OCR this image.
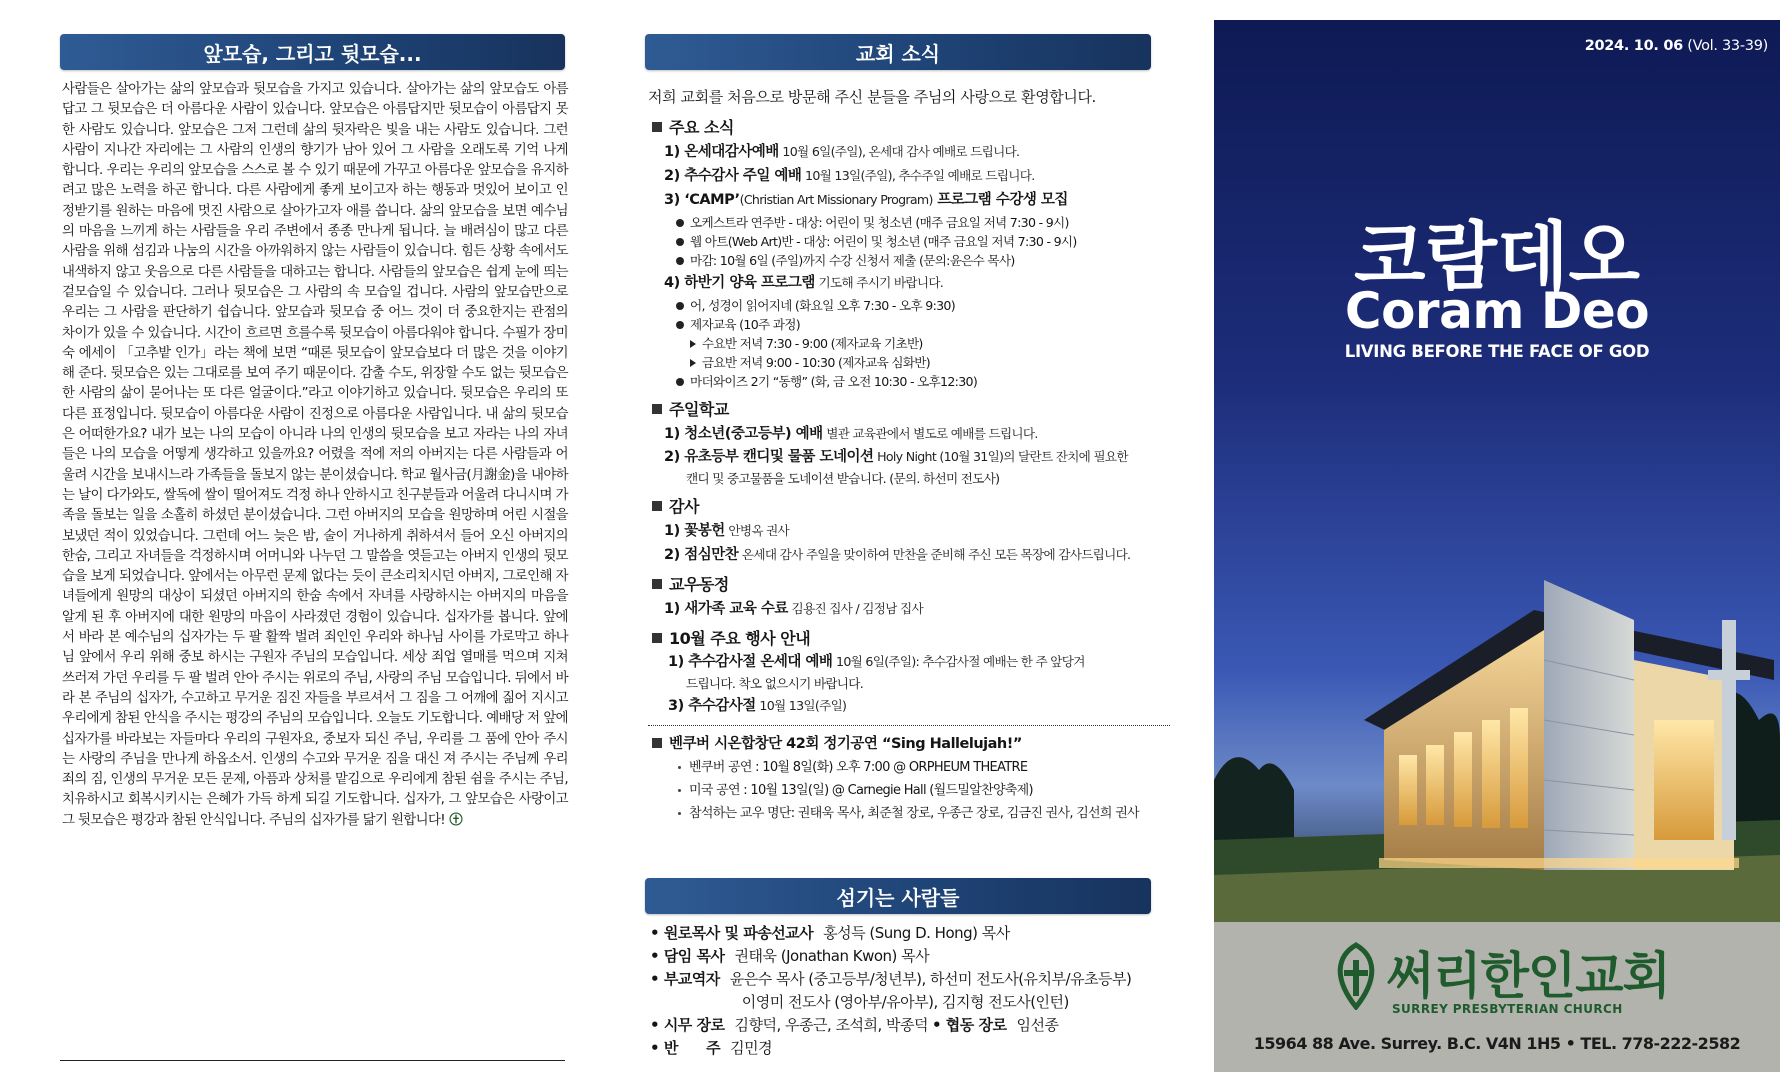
앞모습, 그리고 뒷모습...

사람들은 살아가는 삶의 앞모습과 뒷모습을 가지고 있습니다. 살아가는 삶의 앞모습도 아름답고 그 뒷모습은 더 아름다운 사람이 있습니다. 앞모습은 아름답지만 뒷모습이 아름답지 못한 사람도 있습니다. 앞모습은 그저 그런데 삶의 뒷자락은 빛을 내는 사람도 있습니다. 그런 사람이 지나간 자리에는 그 사람의 인생의 향기가 남아 있어 그 사람을 오래도록 기억 나게 합니다. 우리는 우리의 앞모습을 스스로 볼 수 있기 때문에 가꾸고 아름다운 앞모습을 유지하려고 많은 노력을 하곤 합니다. 다른 사람에게 좋게 보이고자 하는 행동과 멋있어 보이고 인정받기를 원하는 마음에 멋진 사람으로 살아가고자 애를 씁니다. 삶의 앞모습을 보면 예수님의 마음을 느끼게 하는 사람들을 우리 주변에서 종종 만나게 됩니다. 늘 배려심이 많고 다른 사람을 위해 섬김과 나눔의 시간을 아까워하지 않는 사람들이 있습니다. 힘든 상황 속에서도 내색하지 않고 웃음으로 다른 사람들을 대하고는 합니다. 사람들의 앞모습은 쉽게 눈에 띄는 겉모습일 수 있습니다. 그러나 뒷모습은 그 사람의 속 모습일 겁니다. 사람의 앞모습만으로 우리는 그 사람을 판단하기 쉽습니다. 앞모습과 뒷모습 중 어느 것이 더 중요한지는 관점의 차이가 있을 수 있습니다. 시간이 흐르면 흐를수록 뒷모습이 아름다워야 합니다. 수필가 장미숙 에세이 「고추밭 인가」라는 책에 보면 “때론 뒷모습이 앞모습보다 더 많은 것을 이야기 해 준다. 뒷모습은 있는 그대로를 보여 주기 때문이다. 감출 수도, 위장할 수도 없는 뒷모습은 한 사람의 삶이 묻어나는 또 다른 얼굴이다.”라고 이야기하고 있습니다. 뒷모습은 우리의 또다른 표정입니다. 뒷모습이 아름다운 사람이 진정으로 아름다운 사람입니다. 내 삶의 뒷모습은 어떠한가요? 내가 보는 나의 모습이 아니라 나의 인생의 뒷모습을 보고 자라는 나의 자녀들은 나의 모습을 어떻게 생각하고 있을까요? 어렸을 적에 저의 아버지는 다른 사람들과 어울려 시간을 보내시느라 가족들을 돌보지 않는 분이셨습니다. 학교 월사금(月謝金)을 내야하는 날이 다가와도, 쌀독에 쌀이 떨어져도 걱정 하나 안하시고 친구분들과 어울려 다니시며 가족을 돌보는 일을 소홀히 하셨던 분이셨습니다. 그런 아버지의 모습을 원망하며 어린 시절을 보냈던 적이 있었습니다. 그런데 어느 늦은 밤, 술이 거나하게 취하셔서 들어 오신 아버지의 한숨, 그리고 자녀들을 걱정하시며 어머니와 나누던 그 말씀을 엿듣고는 아버지 인생의 뒷모습을 보게 되었습니다. 앞에서는 아무런 문제 없다는 듯이 큰소리치시던 아버지, 그로인해 자녀들에게 원망의 대상이 되셨던 아버지의 한숨 속에서 자녀를 사랑하시는 아버지의 마음을 알게 된 후 아버지에 대한 원망의 마음이 사라졌던 경험이 있습니다. 십자가를 봅니다. 앞에서 바라 본 예수님의 십자가는 두 팔 활짝 벌려 죄인인 우리와 하나님 사이를 가로막고 하나님 앞에서 우리 위해 중보 하시는 구원자 주님의 모습입니다. 세상 죄업 열매를 먹으며 지쳐 쓰러져 가던 우리를 두 팔 벌려 안아 주시는 위로의 주님, 사랑의 주님 모습입니다. 뒤에서 바라 본 주님의 십자가, 수고하고 무거운 짐진 자들을 부르셔서 그 짐을 그 어깨에 짊어 지시고 우리에게 참된 안식을 주시는 평강의 주님의 모습입니다. 오늘도 기도합니다. 예배당 저 앞에 십자가를 바라보는 자들마다 우리의 구원자요, 중보자 되신 주님, 우리를 그 품에 안아 주시는 사랑의 주님을 만나게 하옵소서. 인생의 수고와 무거운 짐을 대신 져 주시는 주님께 우리 죄의 짐, 인생의 무거운 모든 문제, 아픔과 상처를 맡김으로 우리에게 참된 쉼을 주시는 주님, 치유하시고 회복시키시는 은혜가 가득 하게 되길 기도합니다. 십자가, 그 앞모습은 사랑이고 그 뒷모습은 평강과 참된 안식입니다. 주님의 십자가를 닮기 원합니다!

교회 소식
저희 교회를 처음으로 방문해 주신 분들을 주님의 사랑으로 환영합니다.
주요 소식
1) 온세대감사예배 10월 6일(주일), 온세대 감사 예배로 드립니다.
2) 추수감사 주일 예배 10월 13일(주일), 추수주일 예배로 드립니다.
3) ‘CAMP’(Christian Art Missionary Program) 프로그램 수강생 모집
오케스트라 연주반 - 대상: 어린이 및 청소년 (매주 금요일 저녁 7:30 - 9시)
웹 아트(Web Art)반 - 대상: 어린이 및 청소년 (매주 금요일 저녁 7:30 - 9시)
마감: 10월 6일 (주일)까지 수강 신청서 제출 (문의:윤은수 목사)
4) 하반기 양육 프로그램 기도해 주시기 바랍니다.
어, 성경이 읽어지네 (화요일 오후 7:30 - 오후 9:30)
제자교육 (10주 과정)
수요반 저녁 7:30 - 9:00 (제자교육 기초반)
금요반 저녁 9:00 - 10:30 (제자교육 심화반)
마더와이즈 2기 “동행” (화, 금 오전 10:30 - 오후12:30)
주일학교
1) 청소년(중고등부) 예배 별관 교육관에서 별도로 예배를 드립니다.
2) 유초등부 캔디및 물품 도네이션 Holy Night (10월 31일)의 달란트 잔치에 필요한
캔디 및 중고물품을 도네이션 받습니다. (문의. 하선미 전도사)
감사
1) 꽃봉헌 안병옥 권사
2) 점심만찬 온세대 감사 주일을 맞이하여 만찬을 준비해 주신 모든 목장에 감사드립니다.
교우동정
1) 새가족 교육 수료 김용진 집사 / 김정남 집사
10월 주요 행사 안내
1) 추수감사절 온세대 예배 10월 6일(주일): 추수감사절 예배는 한 주 앞당겨
드립니다. 착오 없으시기 바랍니다.
3) 추수감사절 10월 13일(주일)
벤쿠버 시온합창단 42회 정기공연 “Sing Hallelujah!”
벤쿠버 공연 : 10월 8일(화) 오후 7:00 @ ORPHEUM THEATRE
미국 공연 : 10월 13일(일) @ Carnegie Hall (월드밀알찬양축제)
참석하는 교우 명단: 권태욱 목사, 최준철 장로, 우종근 장로, 김금진 권사, 김선희 권사
섬기는 사람들
• 원로목사 및 파송선교사 홍성득 (Sung D. Hong) 목사
• 담임 목사 권태욱 (Jonathan Kwon) 목사
• 부교역자 윤은수 목사 (중고등부/청년부), 하선미 전도사(유치부/유초등부)
이영미 전도사 (영아부/유아부), 김지형 전도사(인턴)
• 시무 장로 김향덕, 우종근, 조석희, 박종덕 • 협동 장로 임선종
• 반      주 김민경
2024. 10. 06 (Vol. 33-39)
코람데오
Coram Deo
LIVING BEFORE THE FACE OF GOD
써리한인교회
SURREY PRESBYTERIAN CHURCH
15964 88 Ave. Surrey. B.C. V4N 1H5 • TEL. 778-222-2582
